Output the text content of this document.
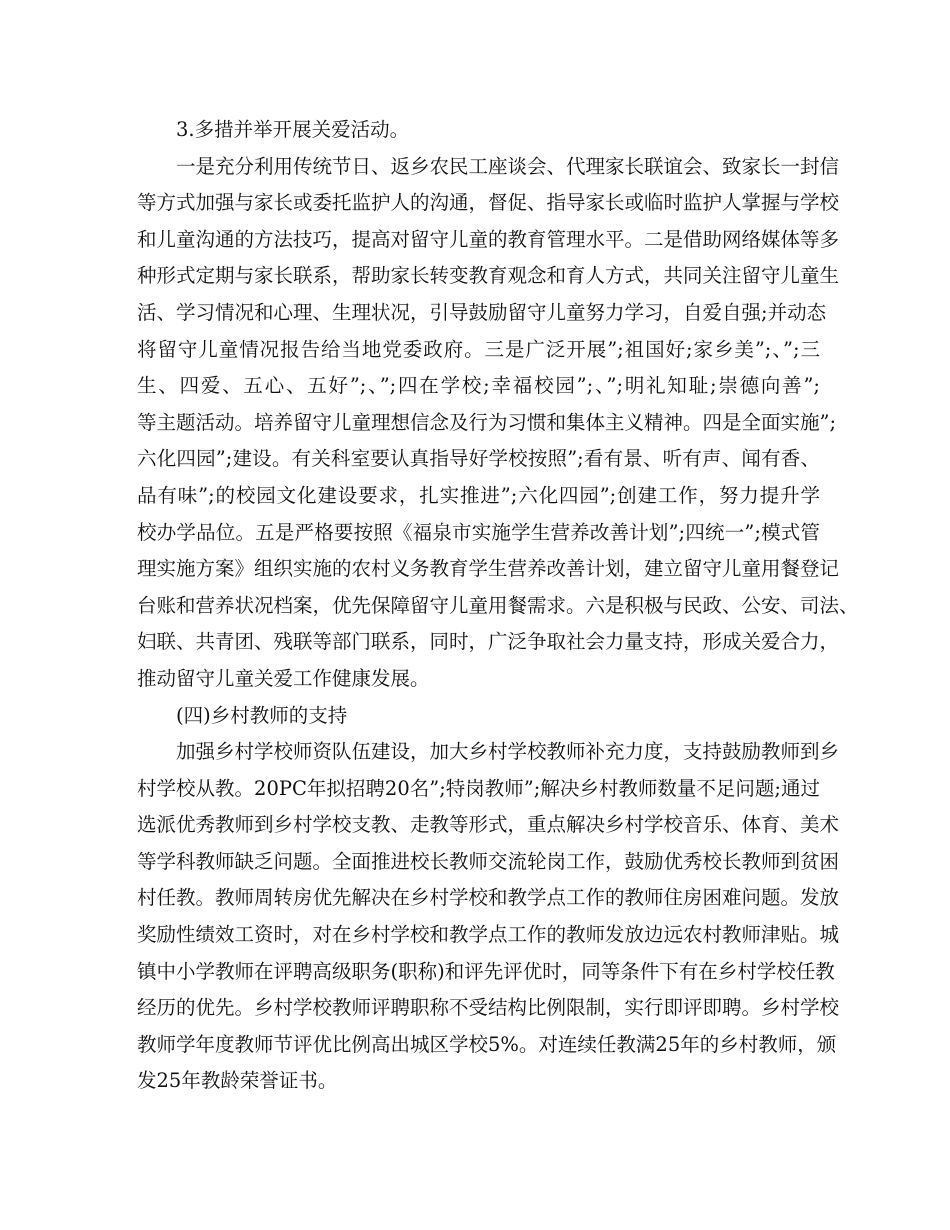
3.多措并举开展关爱活动。
一是充分利用传统节日、返乡农民工座谈会、代理家长联谊会、致家长一封信
等方式加强与家长或委托监护人的沟通，督促、指导家长或临时监护人掌握与学校
和儿童沟通的方法技巧，提高对留守儿童的教育管理水平。二是借助网络媒体等多
种形式定期与家长联系，帮助家长转变教育观念和育人方式，共同关注留守儿童生
活、学习情况和心理、生理状况，引导鼓励留守儿童努力学习，自爱自强;并动态
将留守儿童情况报告给当地党委政府。三是广泛开展”;祖国好;家乡美”;、”;三
生、四爱、五心、五好”;、”;四在学校;幸福校园”;、”;明礼知耻;崇德向善”;
等主题活动。培养留守儿童理想信念及行为习惯和集体主义精神。四是全面实施”;
六化四园”;建设。有关科室要认真指导好学校按照”;看有景、听有声、闻有香、
品有味”;的校园文化建设要求，扎实推进”;六化四园”;创建工作，努力提升学
校办学品位。五是严格要按照《福泉市实施学生营养改善计划”;四统一”;模式管
理实施方案》组织实施的农村义务教育学生营养改善计划，建立留守儿童用餐登记
台账和营养状况档案，优先保障留守儿童用餐需求。六是积极与民政、公安、司法、
妇联、共青团、残联等部门联系，同时，广泛争取社会力量支持，形成关爱合力，
推动留守儿童关爱工作健康发展。
(四)乡村教师的支持
加强乡村学校师资队伍建设，加大乡村学校教师补充力度，支持鼓励教师到乡
村学校从教。20PC年拟招聘20名”;特岗教师”;解决乡村教师数量不足问题;通过
选派优秀教师到乡村学校支教、走教等形式，重点解决乡村学校音乐、体育、美术
等学科教师缺乏问题。全面推进校长教师交流轮岗工作，鼓励优秀校长教师到贫困
村任教。教师周转房优先解决在乡村学校和教学点工作的教师住房困难问题。发放
奖励性绩效工资时，对在乡村学校和教学点工作的教师发放边远农村教师津贴。城
镇中小学教师在评聘高级职务(职称)和评先评优时，同等条件下有在乡村学校任教
经历的优先。乡村学校教师评聘职称不受结构比例限制，实行即评即聘。乡村学校
教师学年度教师节评优比例高出城区学校5%。对连续任教满25年的乡村教师，颁
发25年教龄荣誉证书。
